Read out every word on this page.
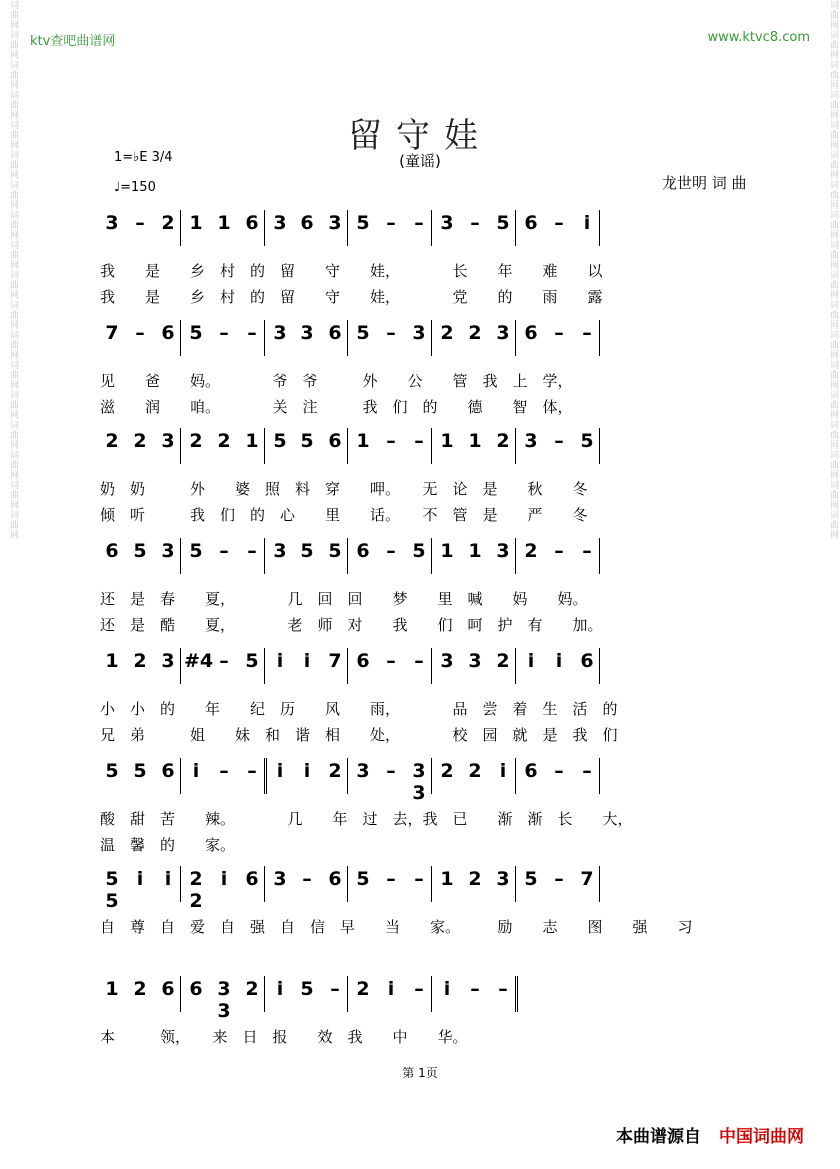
ktv查吧曲谱网	www.ktvc8.com
词曲网词曲网词曲网词曲网词曲网词曲网词曲网词曲网词曲网词曲网词曲网词曲网词曲网词曲网词曲网词曲网词曲网词曲网	词曲网词曲网词曲网词曲网词曲网词曲网词曲网词曲网词曲网词曲网词曲网词曲网词曲网词曲网词曲网词曲网词曲网词曲网
留守娃
(童谣)
1=♭E 3/4
♩=150	龙世明 词 曲
3 – 2 1 1 6 3 6 3 5 – – 3 – 5 6 –	i
7 – 6 5 – – 3 3 6 5 – 3 2 2 3 6 – –
2 2 3 2 2 1 5 5 6 1 – – 1 1 2 3 – 5
6 5 3 5 – – 3 5 5 6 – 5 1 1 3 2 – –
1 2 3 #4 – 5 i	i 7 6 – – 3 3 2 i	i 6
5 5 6 i	– –	i	i 2 3 – 3 3
2 2 i 6 – –
5 5
i	i 2 2
i 6 3 – 6 5 – – 1 2 3 5 – 7
1 2 6 6 3 3
2 i 5 – 2 i	–	i	– –
第 1页
本曲谱源自 中国词曲网
我　　是　　乡　村　的　留　　守　　娃，　　　　长　　年　　难　　以
我　　是　　乡　村　的　留　　守　　娃，　　　　党　　的　　雨　　露
见　　爸　　妈。　　　　爷　爷　　　外　　公　　管　我　上　学，
滋　　润　　咱。　　　　关　注　　　我　们　的　　德　　智　体，
奶　奶　　　外　　婆　照　料　穿　　呷。　　无　论　是　　秋　　冬
倾　听　　　我　们　的　心　　里　　话。　　不　管　是　　严　　冬
还　是　春　　夏，　　　　几　回　回　　梦　　里　喊　　妈　　妈。
还　是　酷　　夏，　　　　老　师　对　　我　　们　呵　护　有　　加。
小　小　的　　年　　纪　历　　风　　雨，　　　　品　尝　着　生　活　的
兄　弟　　　姐　　妹　和　谐　相　　处，　　　　校　园　就　是　我　们
酸　甜　苦　　辣。　　　　几　　年　过　去，我　已　　渐　渐　长　　大，
温　馨　的　　家。
自　尊　自　爱　自　强　自　信　早　　当　　家。　　　励　　志　　图　　强　　习
本　　　领，　　来　日　报　　效　我　　中　　华。
